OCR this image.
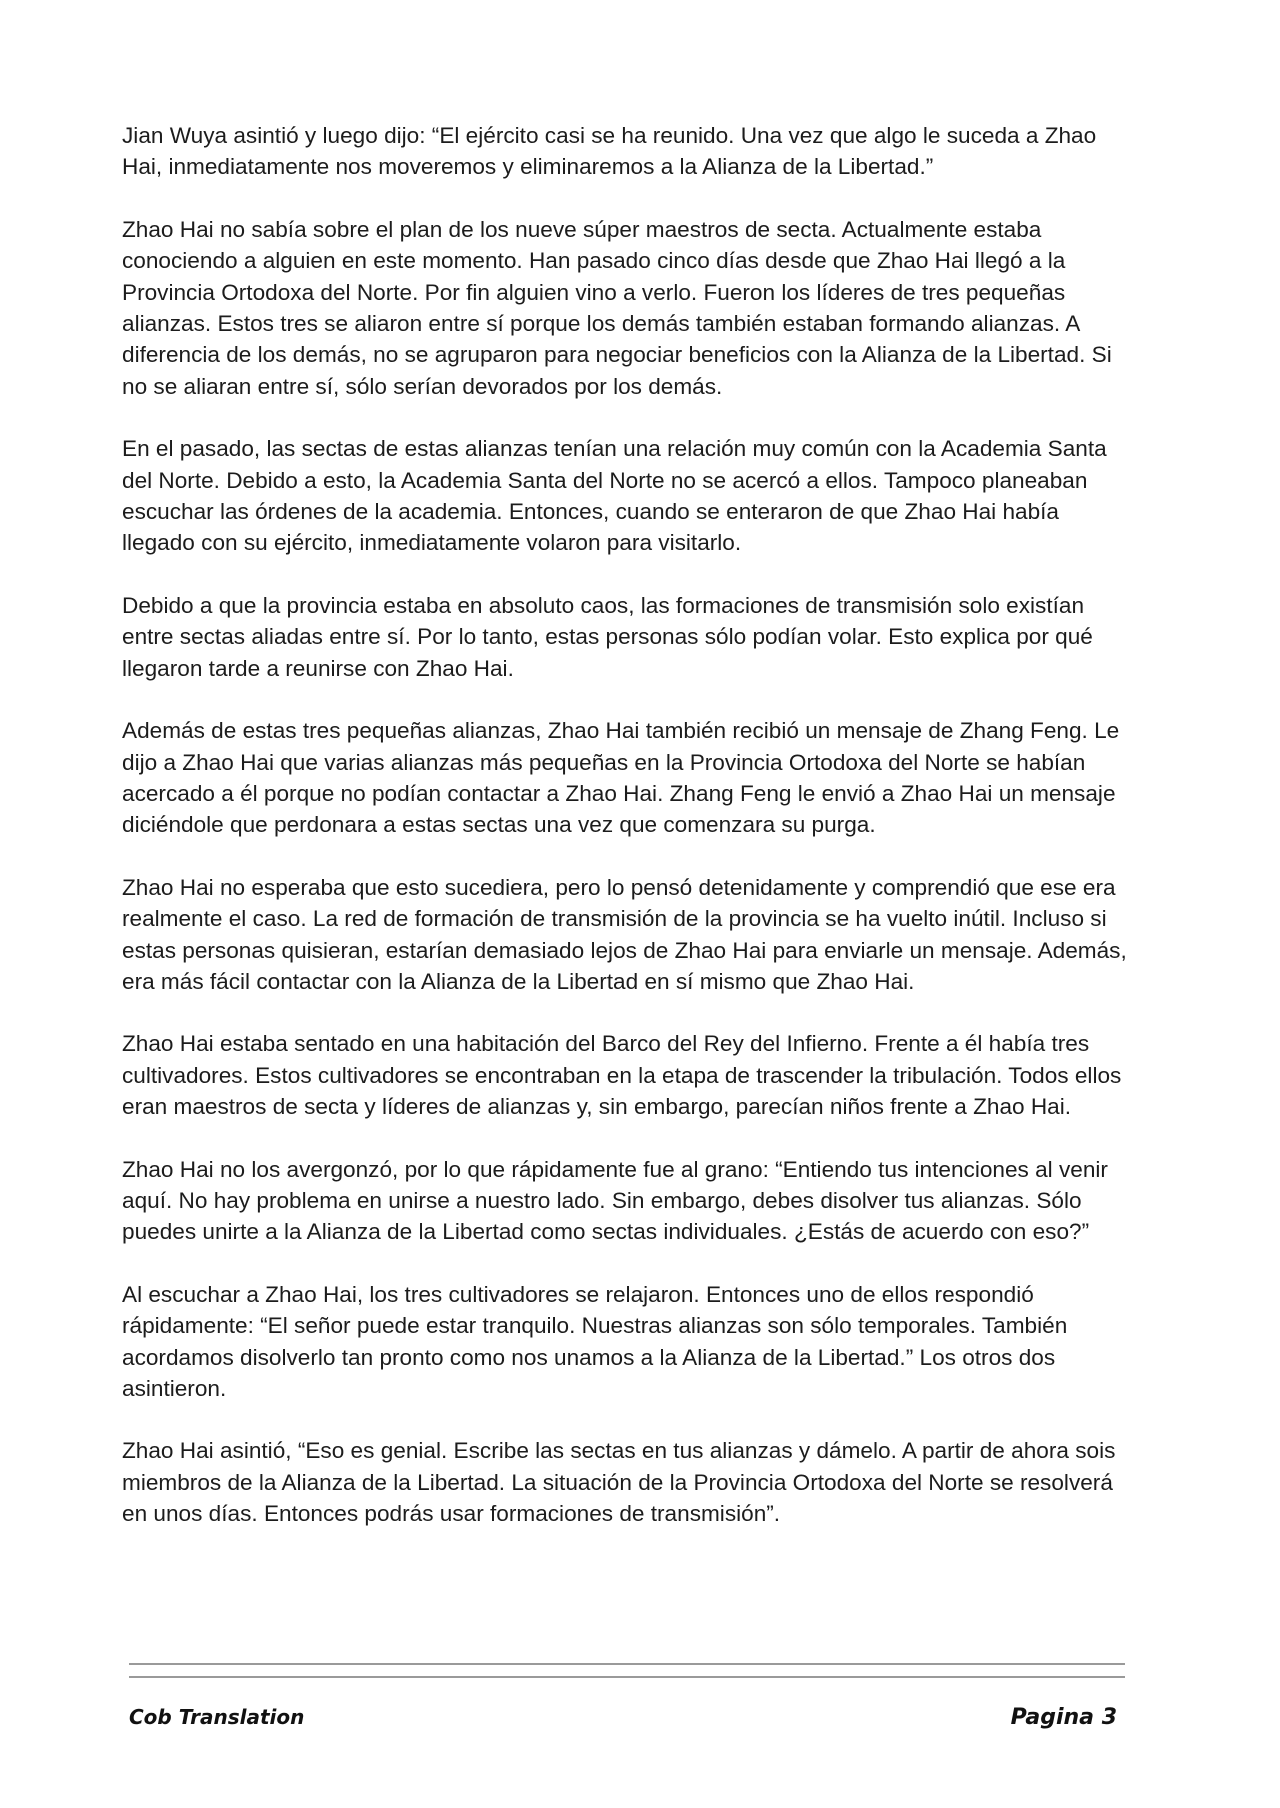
Jian Wuya asintió y luego dijo: “El ejército casi se ha reunido. Una vez que algo le suceda a Zhao Hai, inmediatamente nos moveremos y eliminaremos a la Alianza de la Libertad.”

Zhao Hai no sabía sobre el plan de los nueve súper maestros de secta. Actualmente estaba conociendo a alguien en este momento. Han pasado cinco días desde que Zhao Hai llegó a la Provincia Ortodoxa del Norte. Por fin alguien vino a verlo. Fueron los líderes de tres pequeñas alianzas. Estos tres se aliaron entre sí porque los demás también estaban formando alianzas. A diferencia de los demás, no se agruparon para negociar beneficios con la Alianza de la Libertad. Si no se aliaran entre sí, sólo serían devorados por los demás.

En el pasado, las sectas de estas alianzas tenían una relación muy común con la Academia Santa del Norte. Debido a esto, la Academia Santa del Norte no se acercó a ellos. Tampoco planeaban escuchar las órdenes de la academia. Entonces, cuando se enteraron de que Zhao Hai había llegado con su ejército, inmediatamente volaron para visitarlo.

Debido a que la provincia estaba en absoluto caos, las formaciones de transmisión solo existían entre sectas aliadas entre sí. Por lo tanto, estas personas sólo podían volar. Esto explica por qué llegaron tarde a reunirse con Zhao Hai.

Además de estas tres pequeñas alianzas, Zhao Hai también recibió un mensaje de Zhang Feng. Le dijo a Zhao Hai que varias alianzas más pequeñas en la Provincia Ortodoxa del Norte se habían acercado a él porque no podían contactar a Zhao Hai. Zhang Feng le envió a Zhao Hai un mensaje diciéndole que perdonara a estas sectas una vez que comenzara su purga.

Zhao Hai no esperaba que esto sucediera, pero lo pensó detenidamente y comprendió que ese era realmente el caso. La red de formación de transmisión de la provincia se ha vuelto inútil. Incluso si estas personas quisieran, estarían demasiado lejos de Zhao Hai para enviarle un mensaje. Además, era más fácil contactar con la Alianza de la Libertad en sí mismo que Zhao Hai.

Zhao Hai estaba sentado en una habitación del Barco del Rey del Infierno. Frente a él había tres cultivadores. Estos cultivadores se encontraban en la etapa de trascender la tribulación. Todos ellos eran maestros de secta y líderes de alianzas y, sin embargo, parecían niños frente a Zhao Hai.

Zhao Hai no los avergonzó, por lo que rápidamente fue al grano: “Entiendo tus intenciones al venir aquí. No hay problema en unirse a nuestro lado. Sin embargo, debes disolver tus alianzas. Sólo puedes unirte a la Alianza de la Libertad como sectas individuales. ¿Estás de acuerdo con eso?”

Al escuchar a Zhao Hai, los tres cultivadores se relajaron. Entonces uno de ellos respondió rápidamente: “El señor puede estar tranquilo. Nuestras alianzas son sólo temporales. También acordamos disolverlo tan pronto como nos unamos a la Alianza de la Libertad.” Los otros dos asintieron.

Zhao Hai asintió, “Eso es genial. Escribe las sectas en tus alianzas y dámelo. A partir de ahora sois miembros de la Alianza de la Libertad. La situación de la Provincia Ortodoxa del Norte se resolverá en unos días. Entonces podrás usar formaciones de transmisión”.

Cob Translation	Pagina 3
